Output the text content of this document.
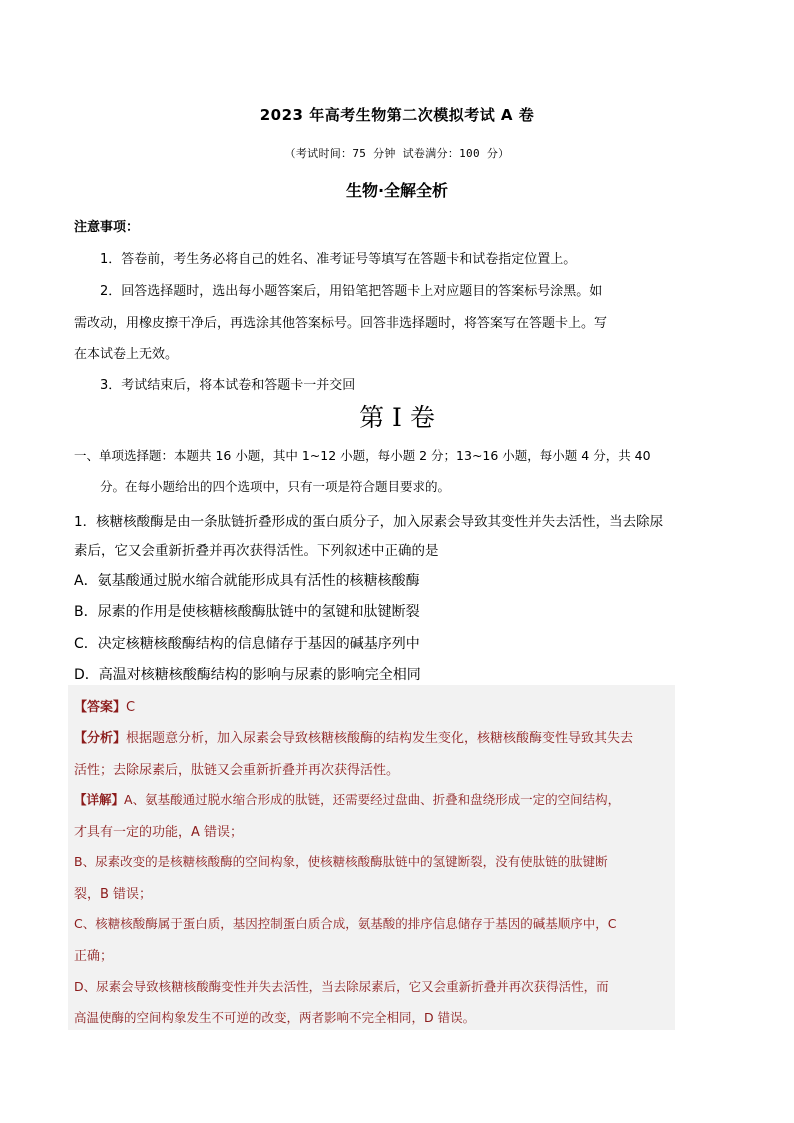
2023 年高考生物第二次模拟考试 A 卷
（考试时间：75 分钟 试卷满分：100 分）
生物·全解全析
注意事项：
1．答卷前，考生务必将自己的姓名、准考证号等填写在答题卡和试卷指定位置上。
2．回答选择题时，选出每小题答案后，用铅笔把答题卡上对应题目的答案标号涂黑。如
需改动，用橡皮擦干净后，再选涂其他答案标号。回答非选择题时，将答案写在答题卡上。写
在本试卷上无效。
3．考试结束后，将本试卷和答题卡一并交回
第 I 卷
一、单项选择题：本题共 16 小题，其中 1~12 小题，每小题 2 分；13~16 小题，每小题 4 分，共 40
分。在每小题给出的四个选项中，只有一项是符合题目要求的。
1．核糖核酸酶是由一条肽链折叠形成的蛋白质分子，加入尿素会导致其变性并失去活性，当去除尿
素后，它又会重新折叠并再次获得活性。下列叙述中正确的是
A．氨基酸通过脱水缩合就能形成具有活性的核糖核酸酶
B．尿素的作用是使核糖核酸酶肽链中的氢键和肽键断裂
C．决定核糖核酸酶结构的信息储存于基因的碱基序列中
D．高温对核糖核酸酶结构的影响与尿素的影响完全相同
【答案】C
【分析】根据题意分析，加入尿素会导致核糖核酸酶的结构发生变化，核糖核酸酶变性导致其失去
活性；去除尿素后，肽链又会重新折叠并再次获得活性。
【详解】A、氨基酸通过脱水缩合形成的肽链，还需要经过盘曲、折叠和盘绕形成一定的空间结构，
才具有一定的功能，A 错误；
B、尿素改变的是核糖核酸酶的空间构象，使核糖核酸酶肽链中的氢键断裂，没有使肽链的肽键断
裂，B 错误；
C、核糖核酸酶属于蛋白质，基因控制蛋白质合成，氨基酸的排序信息储存于基因的碱基顺序中，C
正确；
D、尿素会导致核糖核酸酶变性并失去活性，当去除尿素后，它又会重新折叠并再次获得活性，而
高温使酶的空间构象发生不可逆的改变，两者影响不完全相同，D 错误。
